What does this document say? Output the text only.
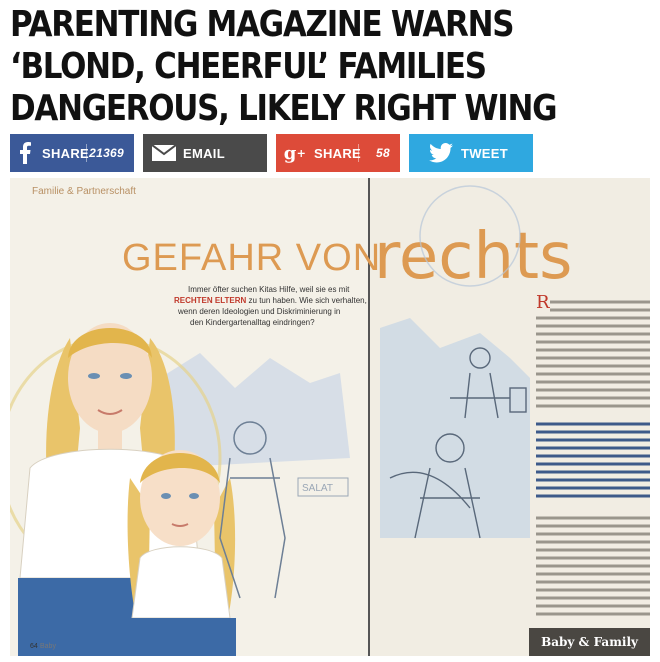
PARENTING MAGAZINE WARNS ‘BLOND, CHEERFUL’ FAMILIES DANGEROUS, LIKELY RIGHT WING
SHARE 21369	EMAIL	g + SHARE 58	TWEET
Familie & Partnerschaft
GEFAHR VON
rechts
Immer öfter suchen Kitas Hilfe, weil sie es mit
RECHTEN ELTERN zu tun haben. Wie sich verhalten,
wenn deren Ideologien und Diskriminierung in
den Kindergartenalltag eindringen?
SALAT
64 Baby
R
Baby & Family
